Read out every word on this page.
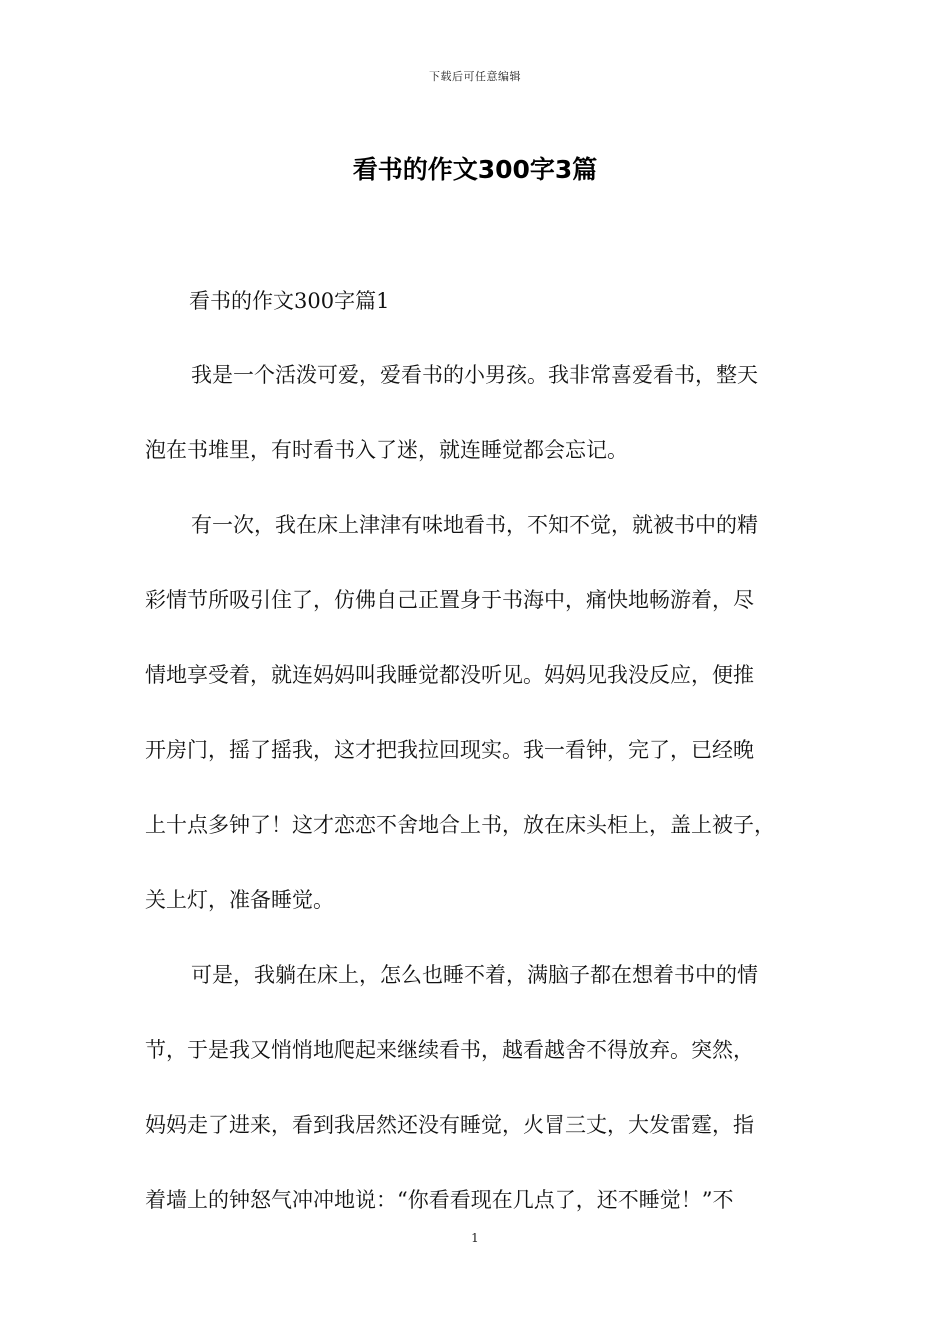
下载后可任意编辑
看书的作文300字3篇
看书的作文300字篇1
我是一个活泼可爱，爱看书的小男孩。我非常喜爱看书，整天
泡在书堆里，有时看书入了迷，就连睡觉都会忘记。
有一次，我在床上津津有味地看书，不知不觉，就被书中的精
彩情节所吸引住了，仿佛自己正置身于书海中，痛快地畅游着，尽
情地享受着，就连妈妈叫我睡觉都没听见。妈妈见我没反应，便推
开房门，摇了摇我，这才把我拉回现实。我一看钟，完了，已经晚
上十点多钟了！这才恋恋不舍地合上书，放在床头柜上，盖上被子，
关上灯，准备睡觉。
可是，我躺在床上，怎么也睡不着，满脑子都在想着书中的情
节，于是我又悄悄地爬起来继续看书，越看越舍不得放弃。突然，
妈妈走了进来，看到我居然还没有睡觉，火冒三丈，大发雷霆，指
着墙上的钟怒气冲冲地说：“你看看现在几点了，还不睡觉！”不
1
